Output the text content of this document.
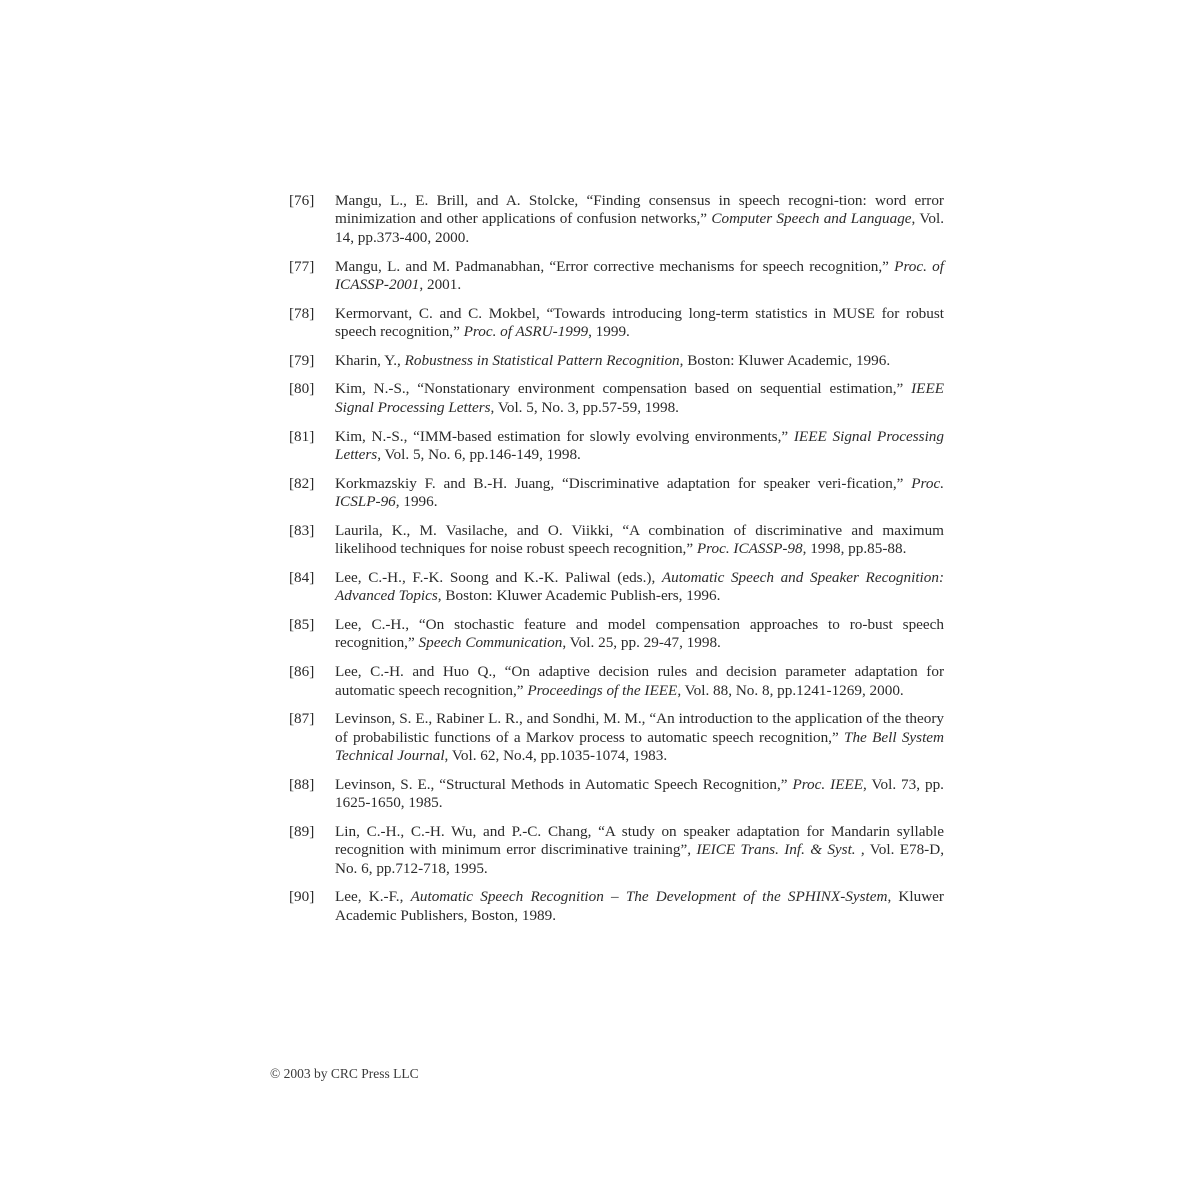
[76]	Mangu, L., E. Brill, and A. Stolcke, “Finding consensus in speech recogni-tion: word error minimization and other applications of confusion networks,” Computer Speech and Language, Vol. 14, pp.373-400, 2000.
[77]	Mangu, L. and M. Padmanabhan, “Error corrective mechanisms for speech recognition,” Proc. of ICASSP-2001, 2001.
[78]	Kermorvant, C. and C. Mokbel, “Towards introducing long-term statistics in MUSE for robust speech recognition,” Proc. of ASRU-1999, 1999.
[79]	Kharin, Y., Robustness in Statistical Pattern Recognition, Boston: Kluwer Academic, 1996.
[80]	Kim, N.-S., “Nonstationary environment compensation based on sequential estimation,” IEEE Signal Processing Letters, Vol. 5, No. 3, pp.57-59, 1998.
[81]	Kim, N.-S., “IMM-based estimation for slowly evolving environments,” IEEE Signal Processing Letters, Vol. 5, No. 6, pp.146-149, 1998.
[82]	Korkmazskiy F. and B.-H. Juang, “Discriminative adaptation for speaker veri-fication,” Proc. ICSLP-96, 1996.
[83]	Laurila, K., M. Vasilache, and O. Viikki, “A combination of discriminative and maximum likelihood techniques for noise robust speech recognition,” Proc. ICASSP-98, 1998, pp.85-88.
[84]	Lee, C.-H., F.-K. Soong and K.-K. Paliwal (eds.), Automatic Speech and Speaker Recognition: Advanced Topics, Boston: Kluwer Academic Publish-ers, 1996.
[85]	Lee, C.-H., “On stochastic feature and model compensation approaches to ro-bust speech recognition,” Speech Communication, Vol. 25, pp. 29-47, 1998.
[86]	Lee, C.-H. and Huo Q., “On adaptive decision rules and decision parameter adaptation for automatic speech recognition,” Proceedings of the IEEE, Vol. 88, No. 8, pp.1241-1269, 2000.
[87]	Levinson, S. E., Rabiner L. R., and Sondhi, M. M., “An introduction to the application of the theory of probabilistic functions of a Markov process to automatic speech recognition,” The Bell System Technical Journal, Vol. 62, No.4, pp.1035-1074, 1983.
[88]	Levinson, S. E., “Structural Methods in Automatic Speech Recognition,” Proc. IEEE, Vol. 73, pp. 1625-1650, 1985.
[89]	Lin, C.-H., C.-H. Wu, and P.-C. Chang, “A study on speaker adaptation for Mandarin syllable recognition with minimum error discriminative training”, IEICE Trans. Inf. & Syst. , Vol. E78-D, No. 6, pp.712-718, 1995.
[90]	Lee, K.-F., Automatic Speech Recognition – The Development of the SPHINX-System, Kluwer Academic Publishers, Boston, 1989.
© 2003 by CRC Press LLC
